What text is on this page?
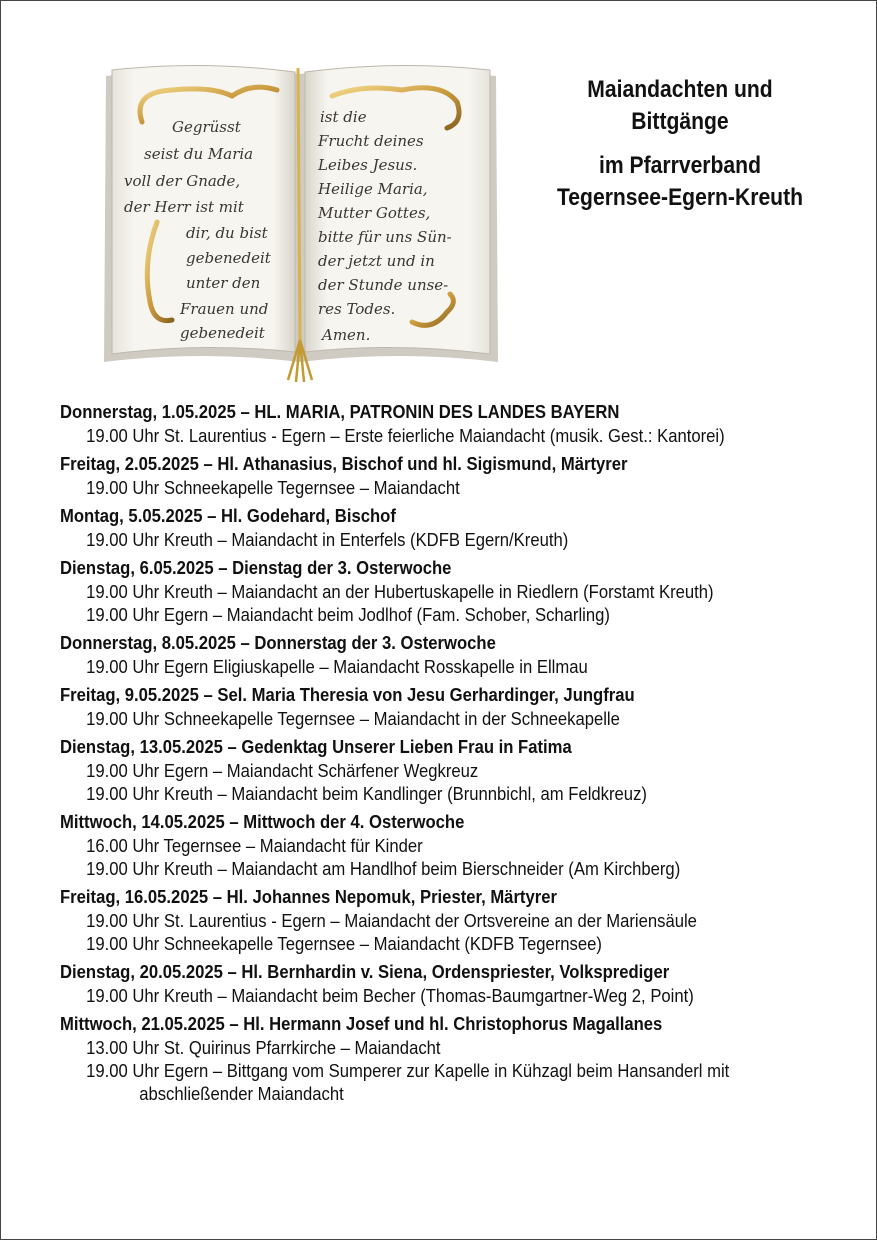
Gegrüsst
seist du Maria
voll der Gnade,
der Herr ist mit
dir, du bist
gebenedeit
unter den
Frauen und
gebenedeit
ist die
Frucht deines
Leibes Jesus.
Heilige Maria,
Mutter Gottes,
bitte für uns Sün-
der jetzt und in
der Stunde unse-
res Todes.
Amen.
Maiandachten und
Bittgänge
im Pfarrverband
Tegernsee-Egern-Kreuth
Donnerstag, 1.05.2025 – HL. MARIA, PATRONIN DES LANDES BAYERN
19.00 Uhr St. Laurentius - Egern – Erste feierliche Maiandacht (musik. Gest.: Kantorei)
Freitag, 2.05.2025 – Hl. Athanasius, Bischof und hl. Sigismund, Märtyrer
19.00 Uhr Schneekapelle Tegernsee – Maiandacht
Montag, 5.05.2025 – Hl. Godehard, Bischof
19.00 Uhr Kreuth – Maiandacht in Enterfels (KDFB Egern/Kreuth)
Dienstag, 6.05.2025 – Dienstag der 3. Osterwoche
19.00 Uhr Kreuth – Maiandacht an der Hubertuskapelle in Riedlern (Forstamt Kreuth)
19.00 Uhr Egern – Maiandacht beim Jodlhof (Fam. Schober, Scharling)
Donnerstag, 8.05.2025 – Donnerstag der 3. Osterwoche
19.00 Uhr Egern Eligiuskapelle – Maiandacht Rosskapelle in Ellmau
Freitag, 9.05.2025 – Sel. Maria Theresia von Jesu Gerhardinger, Jungfrau
19.00 Uhr Schneekapelle Tegernsee – Maiandacht in der Schneekapelle
Dienstag, 13.05.2025 – Gedenktag Unserer Lieben Frau in Fatima
19.00 Uhr Egern – Maiandacht Schärfener Wegkreuz
19.00 Uhr Kreuth – Maiandacht beim Kandlinger (Brunnbichl, am Feldkreuz)
Mittwoch, 14.05.2025 – Mittwoch der 4. Osterwoche
16.00 Uhr Tegernsee – Maiandacht für Kinder
19.00 Uhr Kreuth – Maiandacht am Handlhof beim Bierschneider (Am Kirchberg)
Freitag, 16.05.2025 – Hl. Johannes Nepomuk, Priester, Märtyrer
19.00 Uhr St. Laurentius - Egern – Maiandacht der Ortsvereine an der Mariensäule
19.00 Uhr Schneekapelle Tegernsee – Maiandacht (KDFB Tegernsee)
Dienstag, 20.05.2025 – Hl. Bernhardin v. Siena, Ordenspriester, Volksprediger
19.00 Uhr Kreuth – Maiandacht beim Becher (Thomas-Baumgartner-Weg 2, Point)
Mittwoch, 21.05.2025 – Hl. Hermann Josef und hl. Christophorus Magallanes
13.00 Uhr St. Quirinus Pfarrkirche – Maiandacht
19.00 Uhr Egern – Bittgang vom Sumperer zur Kapelle in Kühzagl beim Hansanderl mit
abschließender Maiandacht
